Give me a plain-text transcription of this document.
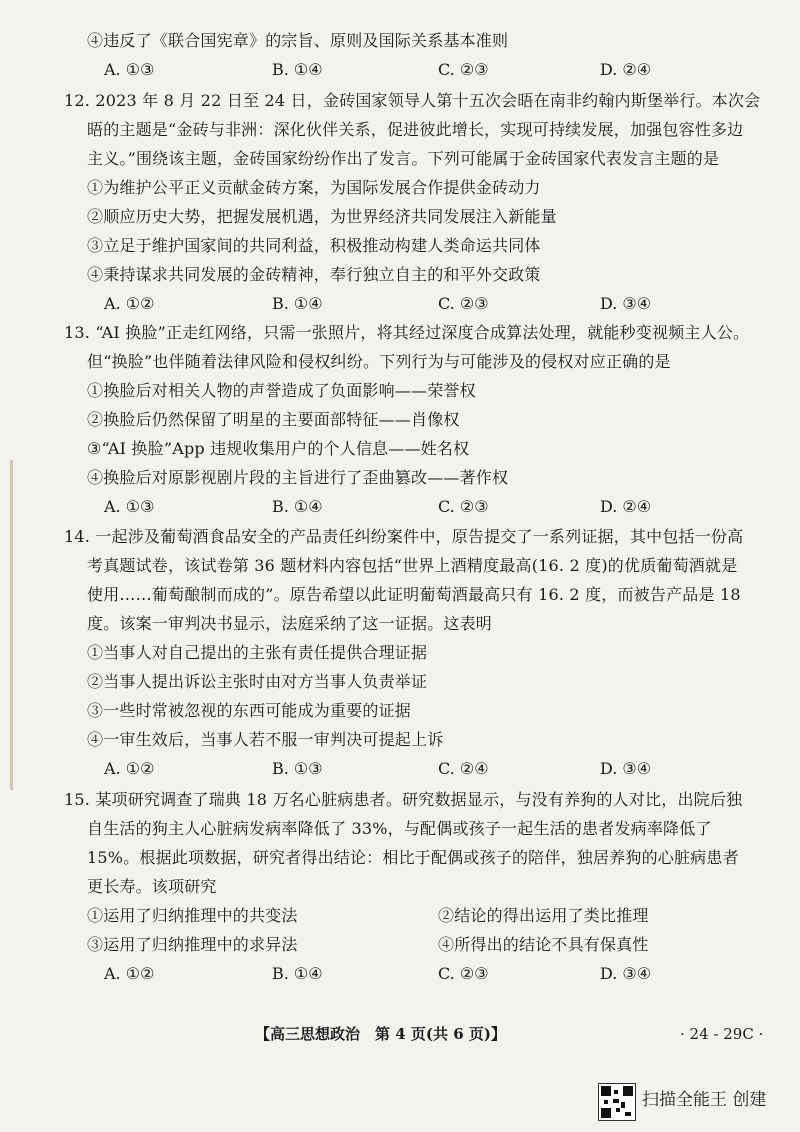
④违反了《联合国宪章》的宗旨、原则及国际关系基本准则
A. ①③	B. ①④	C. ②③	D. ②④
12. 2023 年 8 月 22 日至 24 日，金砖国家领导人第十五次会晤在南非约翰内斯堡举行。本次会
晤的主题是“金砖与非洲：深化伙伴关系，促进彼此增长，实现可持续发展，加强包容性多边
主义。”围绕该主题，金砖国家纷纷作出了发言。下列可能属于金砖国家代表发言主题的是
①为维护公平正义贡献金砖方案，为国际发展合作提供金砖动力
②顺应历史大势，把握发展机遇，为世界经济共同发展注入新能量
③立足于维护国家间的共同利益，积极推动构建人类命运共同体
④秉持谋求共同发展的金砖精神，奉行独立自主的和平外交政策
A. ①②	B. ①④	C. ②③	D. ③④
13. “AI 换脸”正走红网络，只需一张照片，将其经过深度合成算法处理，就能秒变视频主人公。
但“换脸”也伴随着法律风险和侵权纠纷。下列行为与可能涉及的侵权对应正确的是
①换脸后对相关人物的声誉造成了负面影响——荣誉权
②换脸后仍然保留了明星的主要面部特征——肖像权
③“AI 换脸”App 违规收集用户的个人信息——姓名权
④换脸后对原影视剧片段的主旨进行了歪曲篡改——著作权
A. ①③	B. ①④	C. ②③	D. ②④
14. 一起涉及葡萄酒食品安全的产品责任纠纷案件中，原告提交了一系列证据，其中包括一份高
考真题试卷，该试卷第 36 题材料内容包括“世界上酒精度最高(16. 2 度)的优质葡萄酒就是
使用……葡萄酿制而成的”。原告希望以此证明葡萄酒最高只有 16. 2 度，而被告产品是 18
度。该案一审判决书显示，法庭采纳了这一证据。这表明
①当事人对自己提出的主张有责任提供合理证据
②当事人提出诉讼主张时由对方当事人负责举证
③一些时常被忽视的东西可能成为重要的证据
④一审生效后，当事人若不服一审判决可提起上诉
A. ①②	B. ①③	C. ②④	D. ③④
15. 某项研究调查了瑞典 18 万名心脏病患者。研究数据显示，与没有养狗的人对比，出院后独
自生活的狗主人心脏病发病率降低了 33%，与配偶或孩子一起生活的患者发病率降低了
15%。根据此项数据，研究者得出结论：相比于配偶或孩子的陪伴，独居养狗的心脏病患者
更长寿。该项研究
①运用了归纳推理中的共变法	②结论的得出运用了类比推理
③运用了归纳推理中的求异法	④所得出的结论不具有保真性
A. ①②	B. ①④	C. ②③	D. ③④
【高三思想政治　第 4 页(共 6 页)】	· 24 - 29C ·
扫描全能王 创建
